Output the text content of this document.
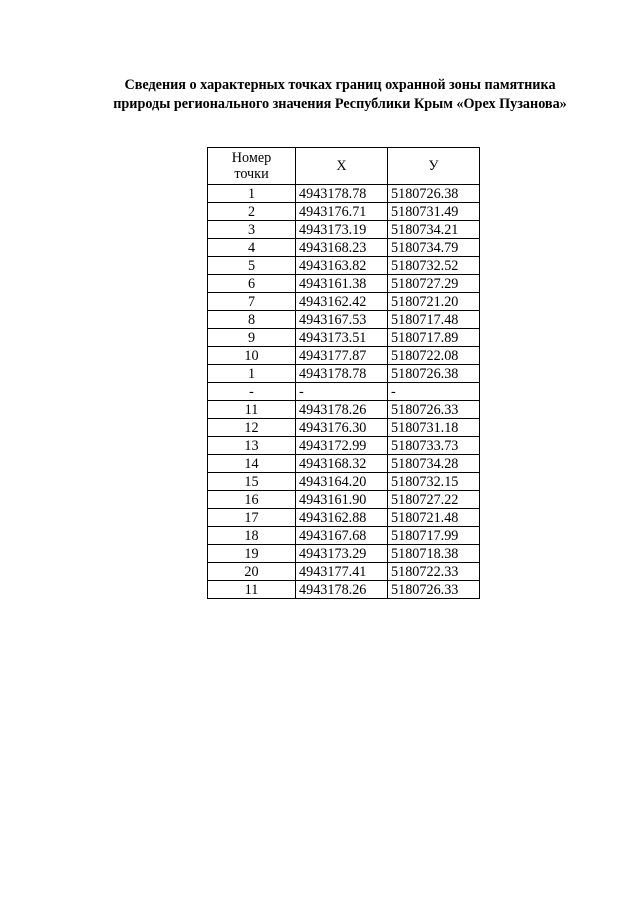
Сведения о характерных точках границ охранной зоны памятника
природы регионального значения Республики Крым «Орех Пузанова»
Номер
точки	X	У
1	4943178.78	5180726.38
2	4943176.71	5180731.49
3	4943173.19	5180734.21
4	4943168.23	5180734.79
5	4943163.82	5180732.52
6	4943161.38	5180727.29
7	4943162.42	5180721.20
8	4943167.53	5180717.48
9	4943173.51	5180717.89
10	4943177.87	5180722.08
1	4943178.78	5180726.38
-	-	-
11	4943178.26	5180726.33
12	4943176.30	5180731.18
13	4943172.99	5180733.73
14	4943168.32	5180734.28
15	4943164.20	5180732.15
16	4943161.90	5180727.22
17	4943162.88	5180721.48
18	4943167.68	5180717.99
19	4943173.29	5180718.38
20	4943177.41	5180722.33
11	4943178.26	5180726.33
